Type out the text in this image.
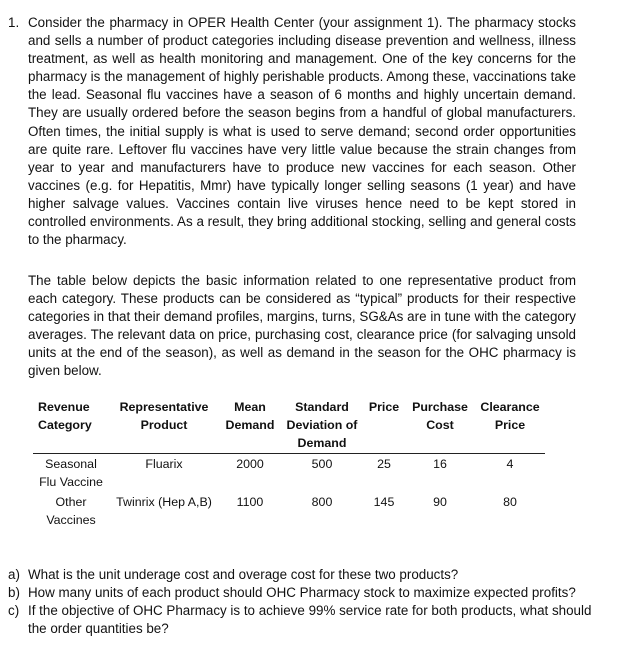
1. Consider the pharmacy in OPER Health Center (your assignment 1). The pharmacy stocks and sells a number of product categories including disease prevention and wellness, illness treatment, as well as health monitoring and management. One of the key concerns for the pharmacy is the management of highly perishable products. Among these, vaccinations take the lead. Seasonal flu vaccines have a season of 6 months and highly uncertain demand. They are usually ordered before the season begins from a handful of global manufacturers. Often times, the initial supply is what is used to serve demand; second order opportunities are quite rare. Leftover flu vaccines have very little value because the strain changes from year to year and manufacturers have to produce new vaccines for each season. Other vaccines (e.g. for Hepatitis, Mmr) have typically longer selling seasons (1 year) and have higher salvage values. Vaccines contain live viruses hence need to be kept stored in controlled environments. As a result, they bring additional stocking, selling and general costs to the pharmacy.

The table below depicts the basic information related to one representative product from each category. These products can be considered as “typical” products for their respective categories in that their demand profiles, margins, turns, SG&As are in tune with the category averages. The relevant data on price, purchasing cost, clearance price (for salvaging unsold units at the end of the season), as well as demand in the season for the OHC pharmacy is given below.

Revenue Category	Representative Product	Mean Demand	Standard Deviation of Demand	Price	Purchase Cost	Clearance Price
Seasonal Flu Vaccine	Fluarix	2000	500	25	16	4
Other Vaccines	Twinrix (Hep A,B)	1100	800	145	90	80
a) What is the unit underage cost and overage cost for these two products?
b) How many units of each product should OHC Pharmacy stock to maximize expected profits?
c) If the objective of OHC Pharmacy is to achieve 99% service rate for both products, what should the order quantities be?
